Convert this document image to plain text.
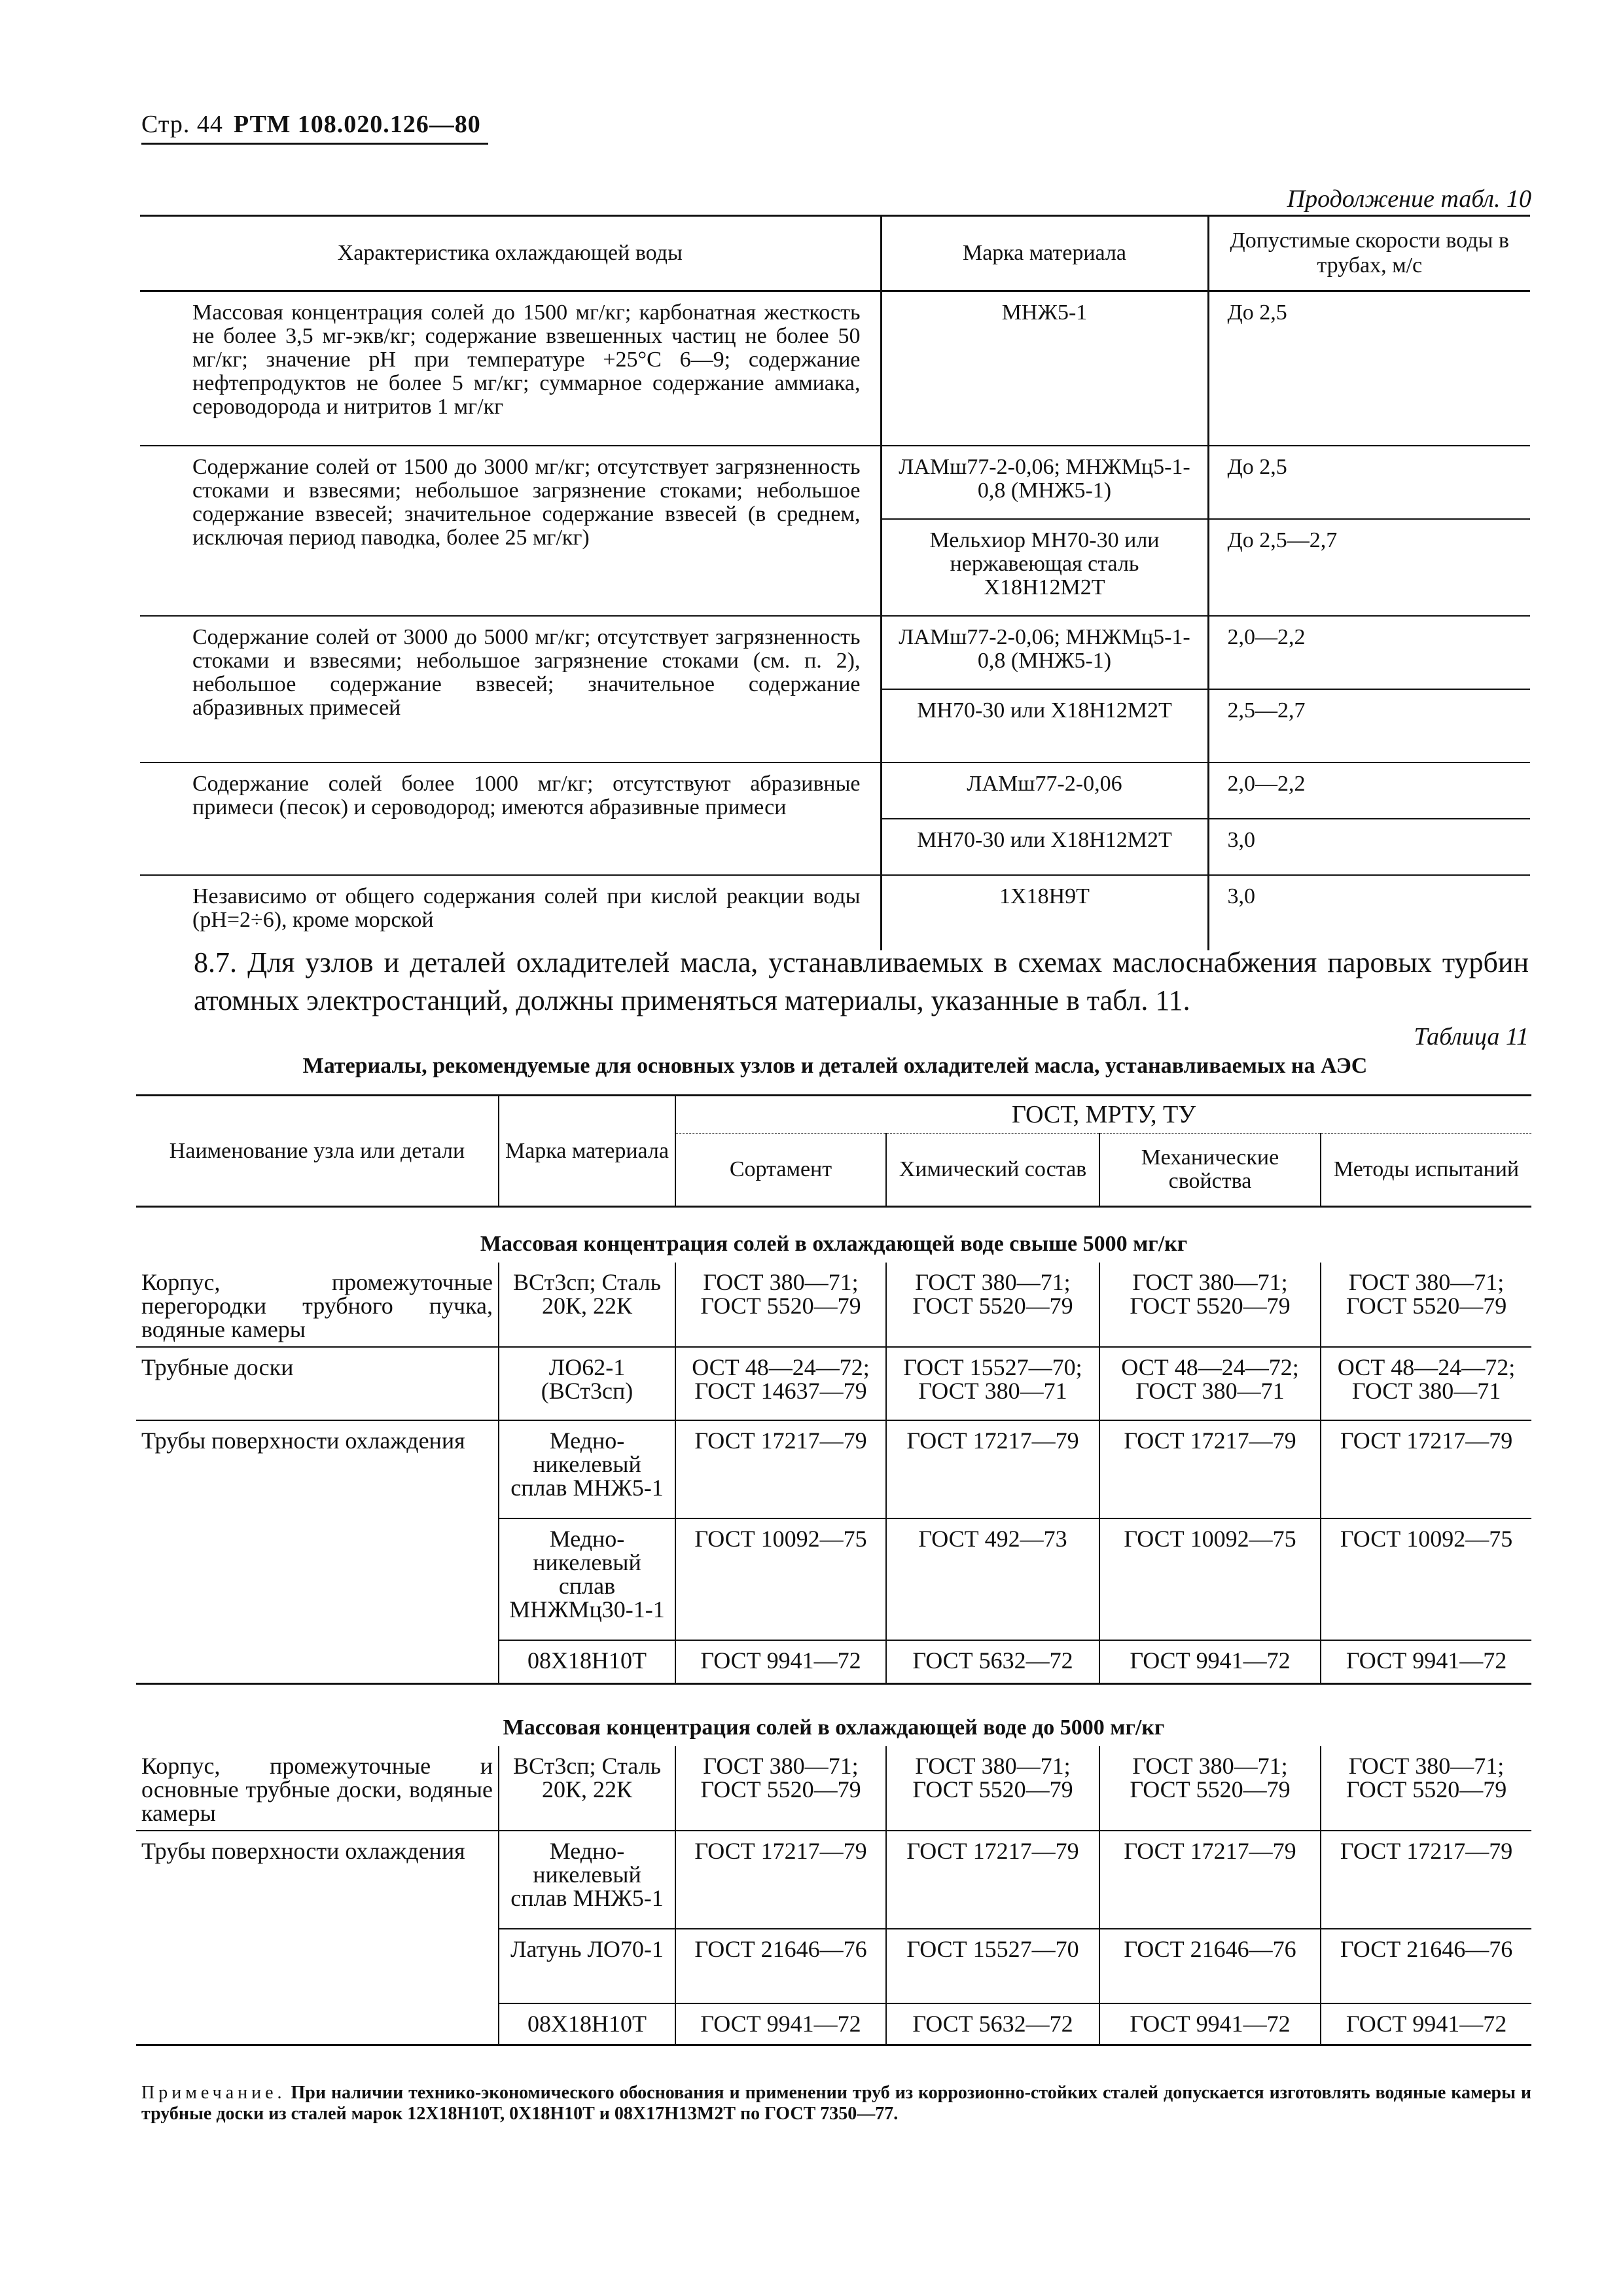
Стр. 44 РТМ 108.020.126—80
Продолжение табл. 10
Характеристика охлаждающей воды	Марка материала	Допустимые скорости воды в трубах, м/с
Массовая концентрация солей до 1500 мг/кг; карбонатная жесткость не более 3,5 мг-экв/кг; содержание взвешенных частиц не более 50 мг/кг; значение pH при температуре +25°С 6—9; содержание нефтепродуктов не более 5 мг/кг; суммарное содержание аммиака, сероводорода и нитритов 1 мг/кг	МНЖ5-1	До 2,5
Содержание солей от 1500 до 3000 мг/кг; отсутствует загрязненность стоками и взвесями; небольшое загрязнение стоками; небольшое содержание взвесей; значительное содержание взвесей (в среднем, исключая период паводка, более 25 мг/кг)	ЛАМш77-2-0,06; МНЖМц5-1-0,8 (МНЖ5-1)	До 2,5
	Мельхиор МН70-30 или нержавеющая сталь Х18Н12М2Т	До 2,5—2,7
Содержание солей от 3000 до 5000 мг/кг; отсутствует загрязненность стоками и взвесями; небольшое загрязнение стоками (см. п. 2), небольшое содержание взвесей; значительное содержание абразивных примесей	ЛАМш77-2-0,06; МНЖМц5-1-0,8 (МНЖ5-1)	2,0—2,2
	МН70-30 или Х18Н12М2Т	2,5—2,7
Содержание солей более 1000 мг/кг; отсутствуют абразивные примеси (песок) и сероводород; имеются абразивные примеси	ЛАМш77-2-0,06	2,0—2,2
	МН70-30 или Х18Н12М2Т	3,0
Независимо от общего содержания солей при кислой реакции воды (pH=2÷6), кроме морской	1Х18Н9Т	3,0
8.7. Для узлов и деталей охладителей масла, устанавливаемых в схемах маслоснабжения паровых турбин атомных электростанций, должны применяться материалы, указанные в табл. 11.
Таблица 11
Материалы, рекомендуемые для основных узлов и деталей охладителей масла, устанавливаемых на АЭС
Наименование узла или детали	Марка материала	ГОСТ, МРТУ, ТУ			
		Сортамент	Химический состав	Механические свойства	Методы испытаний
Массовая концентрация солей в охлаждающей воде свыше 5000 мг/кг					
Корпус, промежуточные перегородки трубного пучка, водяные камеры	ВСт3сп; Сталь 20К, 22К	ГОСТ 380—71; ГОСТ 5520—79	ГОСТ 380—71; ГОСТ 5520—79	ГОСТ 380—71; ГОСТ 5520—79	ГОСТ 380—71; ГОСТ 5520—79
Трубные доски	ЛО62-1 (ВСт3сп)	ОСТ 48—24—72; ГОСТ 14637—79	ГОСТ 15527—70; ГОСТ 380—71	ОСТ 48—24—72; ГОСТ 380—71	ОСТ 48—24—72; ГОСТ 380—71
Трубы поверхности охлаждения	Медно-никелевый сплав МНЖ5-1	ГОСТ 17217—79	ГОСТ 17217—79	ГОСТ 17217—79	ГОСТ 17217—79
	Медно-никелевый сплав МНЖМц30-1-1	ГОСТ 10092—75	ГОСТ 492—73	ГОСТ 10092—75	ГОСТ 10092—75
	08Х18Н10Т	ГОСТ 9941—72	ГОСТ 5632—72	ГОСТ 9941—72	ГОСТ 9941—72
Массовая концентрация солей в охлаждающей воде до 5000 мг/кг					
Корпус, промежуточные и основные трубные доски, водяные камеры	ВСт3сп; Сталь 20К, 22К	ГОСТ 380—71; ГОСТ 5520—79	ГОСТ 380—71; ГОСТ 5520—79	ГОСТ 380—71; ГОСТ 5520—79	ГОСТ 380—71; ГОСТ 5520—79
Трубы поверхности охлаждения	Медно-никелевый сплав МНЖ5-1	ГОСТ 17217—79	ГОСТ 17217—79	ГОСТ 17217—79	ГОСТ 17217—79
	Латунь ЛО70-1	ГОСТ 21646—76	ГОСТ 15527—70	ГОСТ 21646—76	ГОСТ 21646—76
	08Х18Н10Т	ГОСТ 9941—72	ГОСТ 5632—72	ГОСТ 9941—72	ГОСТ 9941—72
Примечание. При наличии технико-экономического обоснования и применении труб из коррозионно-стойких сталей допускается изготовлять водяные камеры и трубные доски из сталей марок 12Х18Н10Т, 0Х18Н10Т и 08Х17Н13М2Т по ГОСТ 7350—77.
